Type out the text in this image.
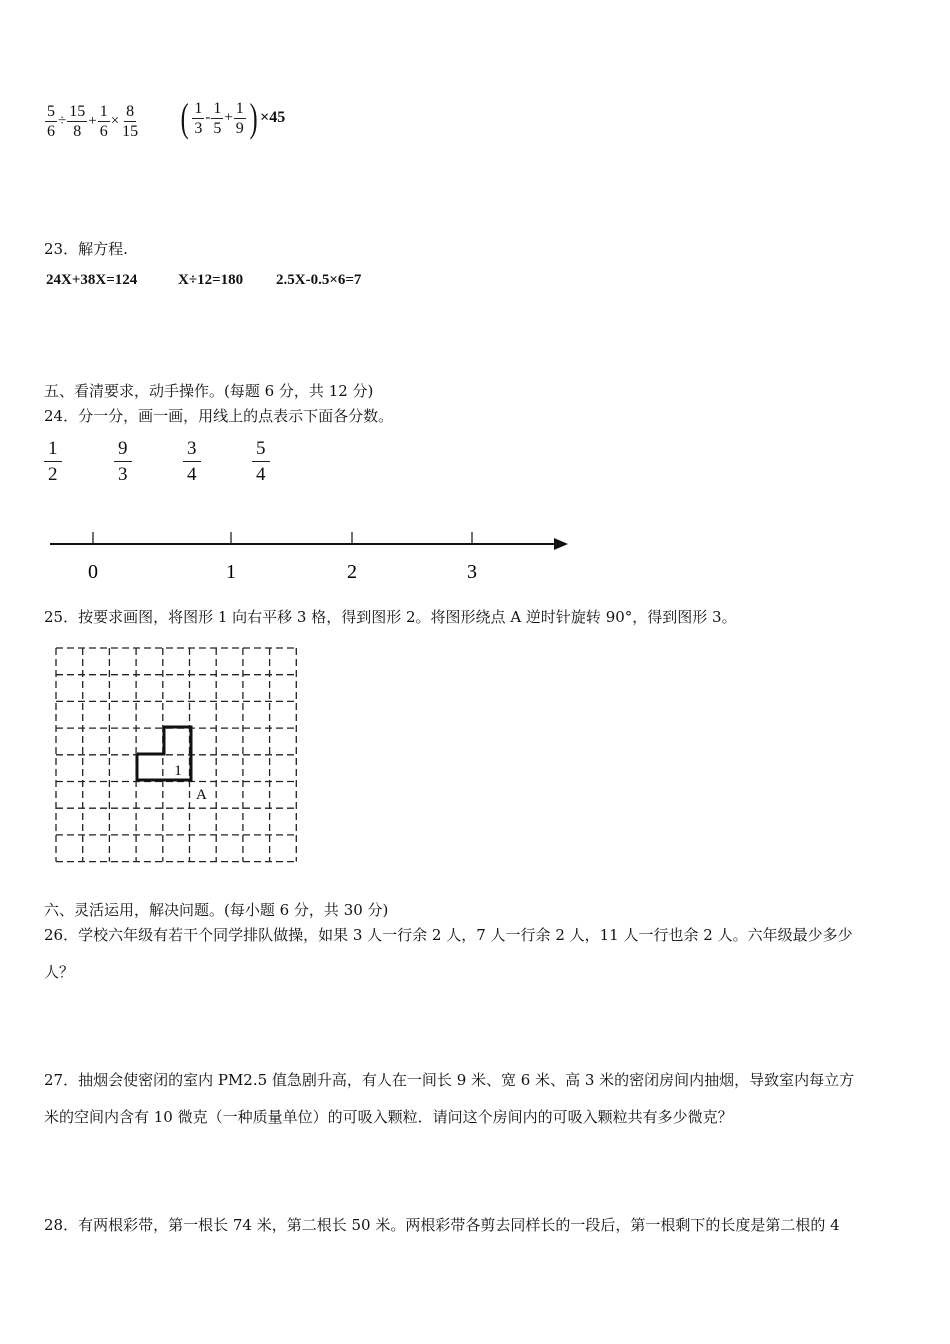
$\frac{5}{6} \div \frac{15}{8} + \frac{1}{6} \times \frac{8}{15}$ ( $\frac{1}{3} - \frac{1}{5} + \frac{1}{9}$ ) ×45
23．解方程.
24X+38X=124	X÷12=180 2.5X-0.5×6=7
五、看清要求，动手操作。(每题 6 分，共 12 分)
24．分一分，画一画，用线上的点表示下面各分数。
$\frac{1}{2}$	$\frac{9}{3}$	$\frac{3}{4}$	$\frac{5}{4}$
0	1	2	3
25．按要求画图，将图形 1 向右平移 3 格，得到图形 2。将图形绕点 A 逆时针旋转 90°，得到图形 3。
1
A
六、灵活运用，解决问题。(每小题 6 分，共 30 分)
26．学校六年级有若干个同学排队做操，如果 3 人一行余 2 人，7 人一行余 2 人，11 人一行也余 2 人。六年级最少多少
人？
27．抽烟会使密闭的室内 PM2.5 值急剧升高，有人在一间长 9 米、宽 6 米、高 3 米的密闭房间内抽烟，导致室内每立方
米的空间内含有 10 微克（一种质量单位）的可吸入颗粒．请问这个房间内的可吸入颗粒共有多少微克？
28．有两根彩带，第一根长 74 米，第二根长 50 米。两根彩带各剪去同样长的一段后，第一根剩下的长度是第二根的 4
